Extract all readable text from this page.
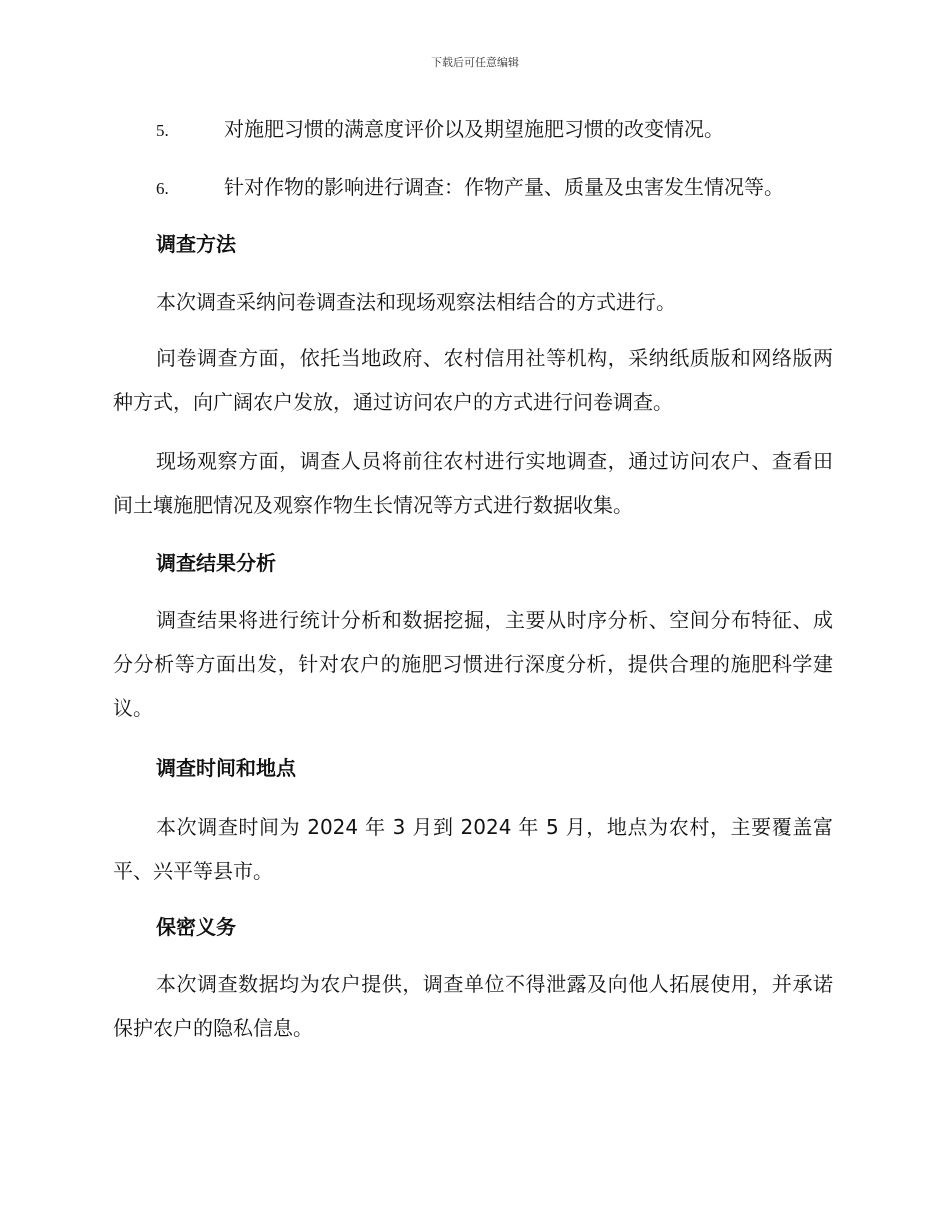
下载后可任意编辑
5.	对施肥习惯的满意度评价以及期望施肥习惯的改变情况。
6.	针对作物的影响进行调查：作物产量、质量及虫害发生情况等。
调查方法
本次调查采纳问卷调查法和现场观察法相结合的方式进行。
问卷调查方面，依托当地政府、农村信用社等机构，采纳纸质版和网络版两种方式，向广阔农户发放，通过访问农户的方式进行问卷调查。
现场观察方面，调查人员将前往农村进行实地调查，通过访问农户、查看田间土壤施肥情况及观察作物生长情况等方式进行数据收集。
调查结果分析
调查结果将进行统计分析和数据挖掘，主要从时序分析、空间分布特征、成分分析等方面出发，针对农户的施肥习惯进行深度分析，提供合理的施肥科学建议。
调查时间和地点
本次调查时间为 2024 年 3 月到 2024 年 5 月，地点为农村，主要覆盖富平、兴平等县市。
保密义务
本次调查数据均为农户提供，调查单位不得泄露及向他人拓展使用，并承诺保护农户的隐私信息。
